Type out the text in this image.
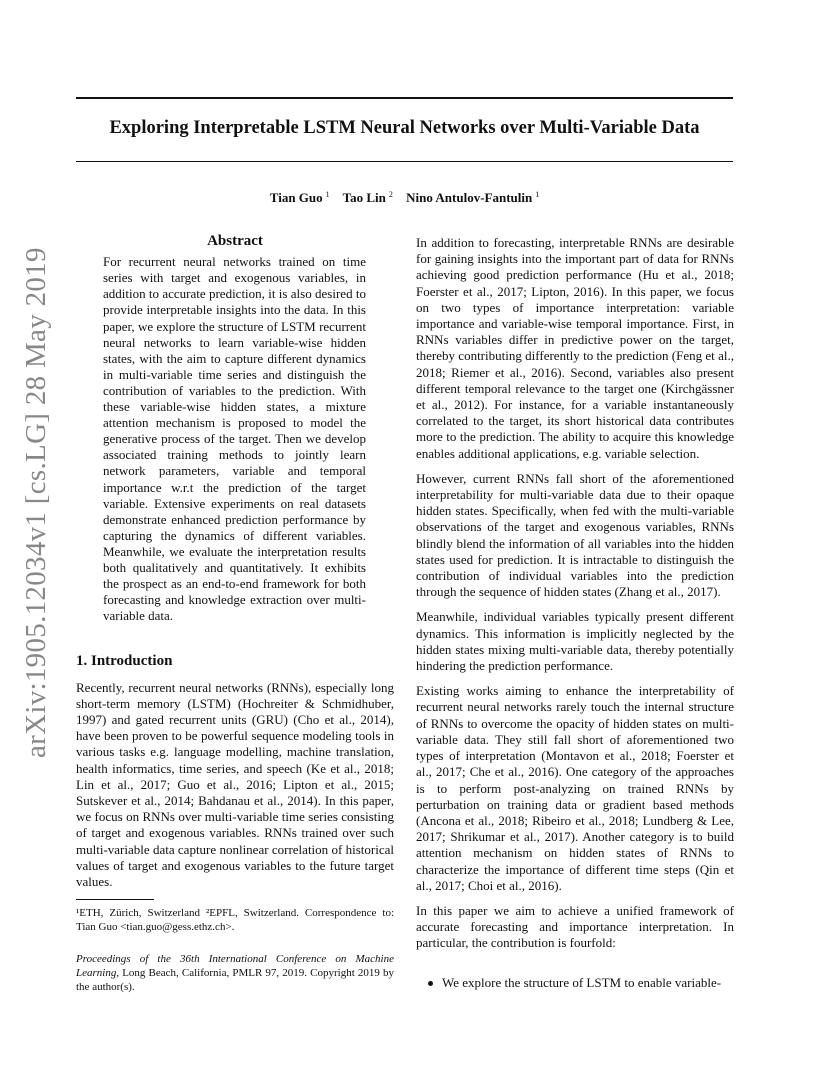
arXiv:1905.12034v1 [cs.LG] 28 May 2019
Exploring Interpretable LSTM Neural Networks over Multi-Variable Data
Tian Guo $^1$ Tao Lin $^2$ Nino Antulov-Fantulin $^1$
Abstract
For recurrent neural networks trained on time series with target and exogenous variables, in addition to accurate prediction, it is also desired to provide interpretable insights into the data. In this paper, we explore the structure of LSTM recurrent neural networks to learn variable-wise hidden states, with the aim to capture different dynamics in multi-variable time series and distinguish the contribution of variables to the prediction. With these variable-wise hidden states, a mixture attention mechanism is proposed to model the generative process of the target. Then we develop associated training methods to jointly learn network parameters, variable and temporal importance w.r.t the prediction of the target variable. Extensive experiments on real datasets demonstrate enhanced prediction performance by capturing the dynamics of different variables. Meanwhile, we evaluate the interpretation results both qualitatively and quantitatively. It exhibits the prospect as an end-to-end framework for both forecasting and knowledge extraction over multi-variable data.
1. Introduction

Recently, recurrent neural networks (RNNs), especially long short-term memory (LSTM) (Hochreiter & Schmidhuber, 1997) and gated recurrent units (GRU) (Cho et al., 2014), have been proven to be powerful sequence modeling tools in various tasks e.g. language modelling, machine translation, health informatics, time series, and speech (Ke et al., 2018; Lin et al., 2017; Guo et al., 2016; Lipton et al., 2015; Sutskever et al., 2014; Bahdanau et al., 2014). In this paper, we focus on RNNs over multi-variable time series consisting of target and exogenous variables. RNNs trained over such multi-variable data capture nonlinear correlation of historical values of target and exogenous variables to the future target values.

¹ETH, Zürich, Switzerland ²EPFL, Switzerland. Correspondence to: Tian Guo <tian.guo@gess.ethz.ch>.
Proceedings of the 36th International Conference on Machine Learning, Long Beach, California, PMLR 97, 2019. Copyright 2019 by the author(s).

In addition to forecasting, interpretable RNNs are desirable for gaining insights into the important part of data for RNNs achieving good prediction performance (Hu et al., 2018; Foerster et al., 2017; Lipton, 2016). In this paper, we focus on two types of importance interpretation: variable importance and variable-wise temporal importance. First, in RNNs variables differ in predictive power on the target, thereby contributing differently to the prediction (Feng et al., 2018; Riemer et al., 2016). Second, variables also present different temporal relevance to the target one (Kirchgässner et al., 2012). For instance, for a variable instantaneously correlated to the target, its short historical data contributes more to the prediction. The ability to acquire this knowledge enables additional applications, e.g. variable selection.

However, current RNNs fall short of the aforementioned interpretability for multi-variable data due to their opaque hidden states. Specifically, when fed with the multi-variable observations of the target and exogenous variables, RNNs blindly blend the information of all variables into the hidden states used for prediction. It is intractable to distinguish the contribution of individual variables into the prediction through the sequence of hidden states (Zhang et al., 2017).

Meanwhile, individual variables typically present different dynamics. This information is implicitly neglected by the hidden states mixing multi-variable data, thereby potentially hindering the prediction performance.

Existing works aiming to enhance the interpretability of recurrent neural networks rarely touch the internal structure of RNNs to overcome the opacity of hidden states on multi-variable data. They still fall short of aforementioned two types of interpretation (Montavon et al., 2018; Foerster et al., 2017; Che et al., 2016). One category of the approaches is to perform post-analyzing on trained RNNs by perturbation on training data or gradient based methods (Ancona et al., 2018; Ribeiro et al., 2018; Lundberg & Lee, 2017; Shrikumar et al., 2017). Another category is to build attention mechanism on hidden states of RNNs to characterize the importance of different time steps (Qin et al., 2017; Choi et al., 2016).

In this paper we aim to achieve a unified framework of accurate forecasting and importance interpretation. In particular, the contribution is fourfold:

We explore the structure of LSTM to enable variable-
